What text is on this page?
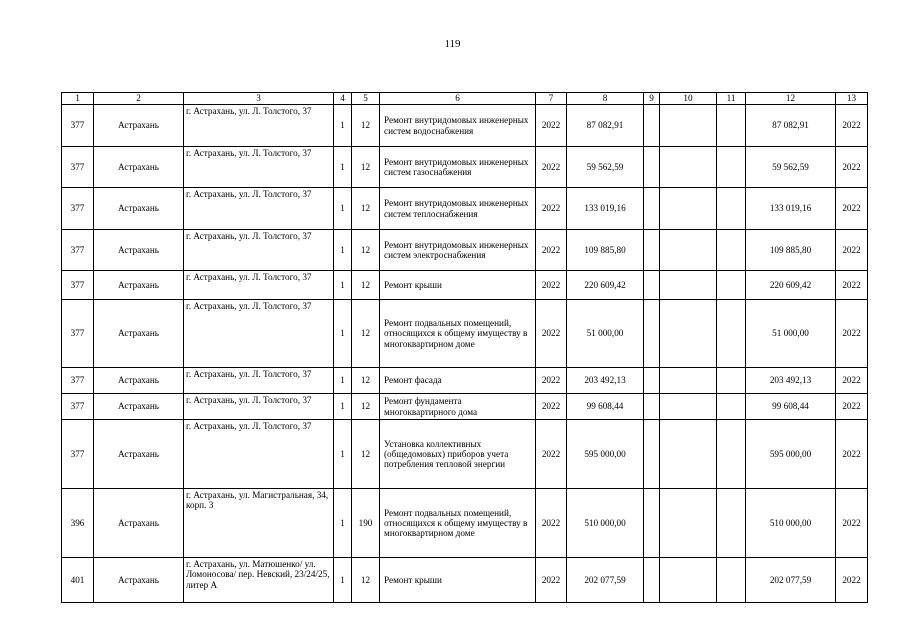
119
1	2	3	4	5	6	7	8	9	10	11	12	13
377	Астрахань	г. Астрахань, ул. Л. Толстого, 37	1	12	Ремонт внутридомовых инженерных систем водоснабжения	2022	87 082,91				87 082,91	2022
377	Астрахань	г. Астрахань, ул. Л. Толстого, 37	1	12	Ремонт внутридомовых инженерных систем газоснабжения	2022	59 562,59				59 562,59	2022
377	Астрахань	г. Астрахань, ул. Л. Толстого, 37	1	12	Ремонт внутридомовых инженерных систем теплоснабжения	2022	133 019,16				133 019,16	2022
377	Астрахань	г. Астрахань, ул. Л. Толстого, 37	1	12	Ремонт внутридомовых инженерных систем электроснабжения	2022	109 885,80				109 885,80	2022
377	Астрахань	г. Астрахань, ул. Л. Толстого, 37	1	12	Ремонт крыши	2022	220 609,42				220 609,42	2022
377	Астрахань	г. Астрахань, ул. Л. Толстого, 37	1	12	Ремонт подвальных помещений, относящихся к общему имуществу в многоквартирном доме	2022	51 000,00				51 000,00	2022
377	Астрахань	г. Астрахань, ул. Л. Толстого, 37	1	12	Ремонт фасада	2022	203 492,13				203 492,13	2022
377	Астрахань	г. Астрахань, ул. Л. Толстого, 37	1	12	Ремонт фундамента многоквартирного дома	2022	99 608,44				99 608,44	2022
377	Астрахань	г. Астрахань, ул. Л. Толстого, 37	1	12	Установка коллективных (общедомовых) приборов учета потребления тепловой энергии	2022	595 000,00				595 000,00	2022
396	Астрахань	г. Астрахань, ул. Магистральная, 34, корп. 3	1	190	Ремонт подвальных помещений, относящихся к общему имуществу в многоквартирном доме	2022	510 000,00				510 000,00	2022
401	Астрахань	г. Астрахань, ул. Матюшенко/ ул. Ломоносова/ пер. Невский, 23/24/25, литер А	1	12	Ремонт крыши	2022	202 077,59				202 077,59	2022
